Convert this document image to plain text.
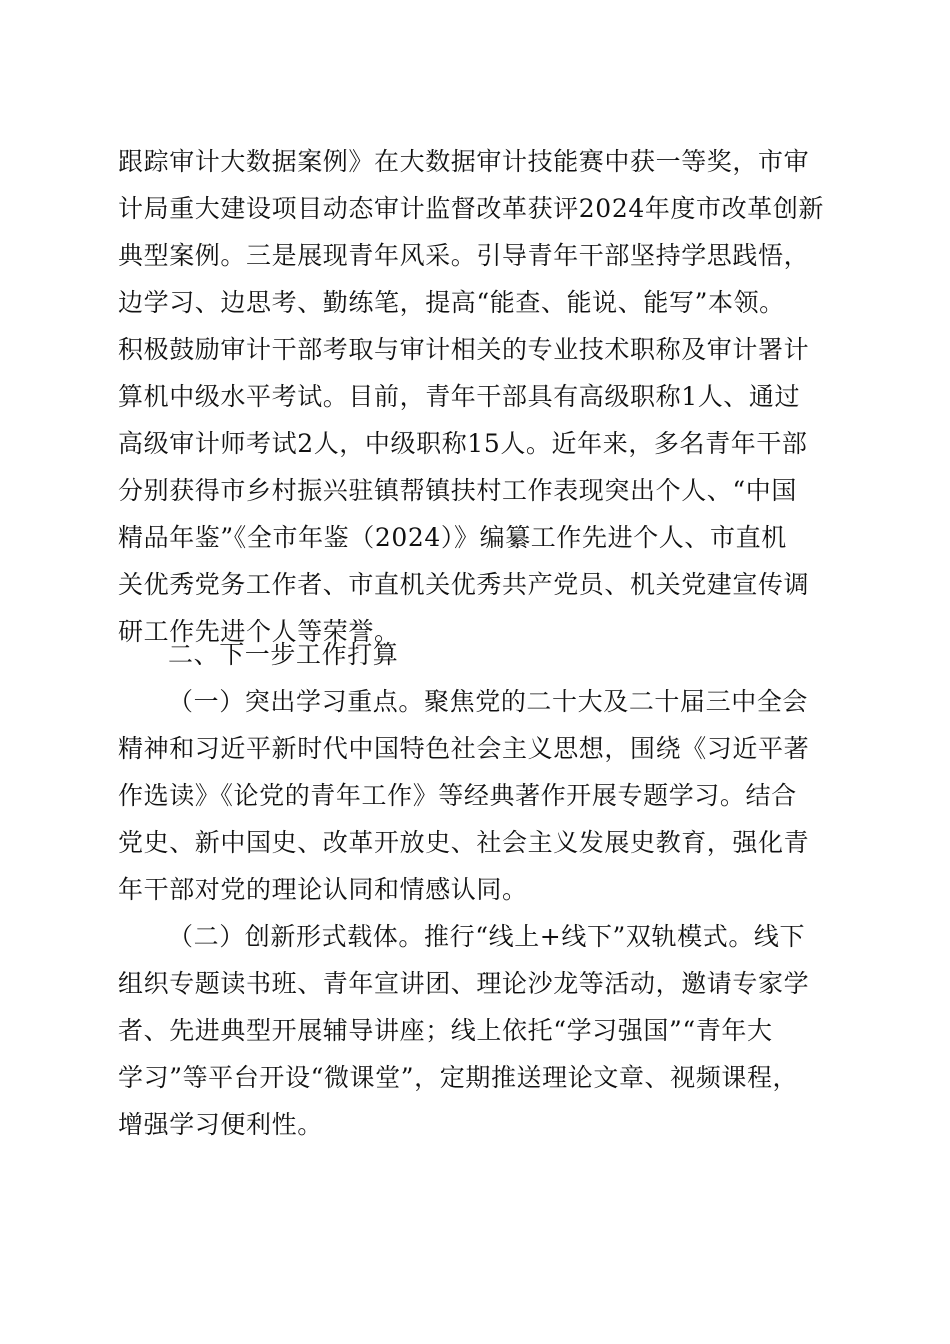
跟踪审计大数据案例》在大数据审计技能赛中获一等奖，市审
计局重大建设项目动态审计监督改革获评2024年度市改革创新
典型案例。三是展现青年风采。引导青年干部坚持学思践悟，
边学习、边思考、勤练笔，提高“能查、能说、能写”本领。
积极鼓励审计干部考取与审计相关的专业技术职称及审计署计
算机中级水平考试。目前，青年干部具有高级职称1人、通过
高级审计师考试2人，中级职称15人。近年来，多名青年干部
分别获得市乡村振兴驻镇帮镇扶村工作表现突出个人、“中国
精品年鉴”《全市年鉴（2024）》编纂工作先进个人、市直机
关优秀党务工作者、市直机关优秀共产党员、机关党建宣传调
研工作先进个人等荣誉。
二、下一步工作打算
（一）突出学习重点。聚焦党的二十大及二十届三中全会
精神和习近平新时代中国特色社会主义思想，围绕《习近平著
作选读》《论党的青年工作》等经典著作开展专题学习。结合
党史、新中国史、改革开放史、社会主义发展史教育，强化青
年干部对党的理论认同和情感认同。
（二）创新形式载体。推行“线上+线下”双轨模式。线下
组织专题读书班、青年宣讲团、理论沙龙等活动，邀请专家学
者、先进典型开展辅导讲座；线上依托“学习强国”“青年大
学习”等平台开设“微课堂”，定期推送理论文章、视频课程，
增强学习便利性。
